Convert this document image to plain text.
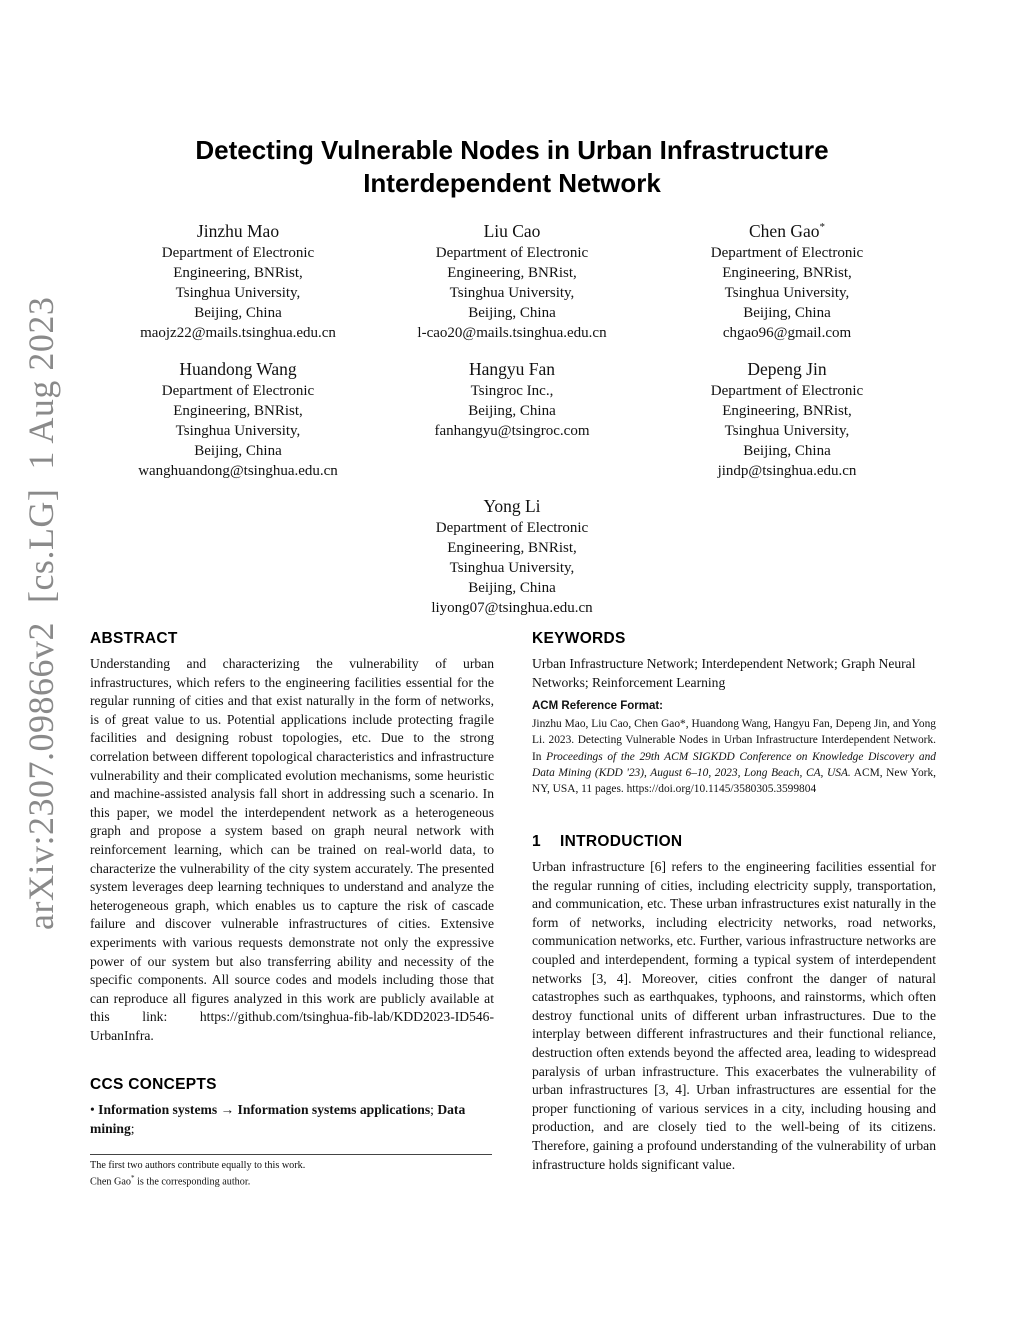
arXiv:2307.09866v2  [cs.LG]  1 Aug 2023
Detecting Vulnerable Nodes in Urban Infrastructure
Interdependent Network
Jinzhu Mao
Department of Electronic
Engineering, BNRist,
Tsinghua University,
Beijing, China
maojz22@mails.tsinghua.edu.cn
Liu Cao
Department of Electronic
Engineering, BNRist,
Tsinghua University,
Beijing, China
l-cao20@mails.tsinghua.edu.cn
Chen Gao*
Department of Electronic
Engineering, BNRist,
Tsinghua University,
Beijing, China
chgao96@gmail.com
Huandong Wang
Department of Electronic
Engineering, BNRist,
Tsinghua University,
Beijing, China
wanghuandong@tsinghua.edu.cn
Hangyu Fan
Tsingroc Inc.,
Beijing, China
fanhangyu@tsingroc.com
Depeng Jin
Department of Electronic
Engineering, BNRist,
Tsinghua University,
Beijing, China
jindp@tsinghua.edu.cn
Yong Li
Department of Electronic
Engineering, BNRist,
Tsinghua University,
Beijing, China
liyong07@tsinghua.edu.cn
ABSTRACT
Understanding and characterizing the vulnerability of urban infrastructures, which refers to the engineering facilities essential for the regular running of cities and that exist naturally in the form of networks, is of great value to us. Potential applications include protecting fragile facilities and designing robust topologies, etc. Due to the strong correlation between different topological characteristics and infrastructure vulnerability and their complicated evolution mechanisms, some heuristic and machine-assisted analysis fall short in addressing such a scenario. In this paper, we model the interdependent network as a heterogeneous graph and propose a system based on graph neural network with reinforcement learning, which can be trained on real-world data, to characterize the vulnerability of the city system accurately. The presented system leverages deep learning techniques to understand and analyze the heterogeneous graph, which enables us to capture the risk of cascade failure and discover vulnerable infrastructures of cities. Extensive experiments with various requests demonstrate not only the expressive power of our system but also transferring ability and necessity of the specific components. All source codes and models including those that can reproduce all figures analyzed in this work are publicly available at this link: https://github.com/tsinghua-fib-lab/KDD2023-ID546-UrbanInfra.
CCS CONCEPTS
• Information systems → Information systems applications; Data mining;
The first two authors contribute equally to this work.
Chen Gao* is the corresponding author.
KEYWORDS
Urban Infrastructure Network; Interdependent Network; Graph Neural Networks; Reinforcement Learning
ACM Reference Format:
Jinzhu Mao, Liu Cao, Chen Gao*, Huandong Wang, Hangyu Fan, Depeng Jin, and Yong Li. 2023. Detecting Vulnerable Nodes in Urban Infrastructure Interdependent Network. In Proceedings of the 29th ACM SIGKDD Conference on Knowledge Discovery and Data Mining (KDD '23), August 6–10, 2023, Long Beach, CA, USA. ACM, New York, NY, USA, 11 pages. https://doi.org/10.1145/3580305.3599804
1 INTRODUCTION
Urban infrastructure [6] refers to the engineering facilities essential for the regular running of cities, including electricity supply, transportation, and communication, etc. These urban infrastructures exist naturally in the form of networks, including electricity networks, road networks, communication networks, etc. Further, various infrastructure networks are coupled and interdependent, forming a typical system of interdependent networks [3, 4]. Moreover, cities confront the danger of natural catastrophes such as earthquakes, typhoons, and rainstorms, which often destroy functional units of different urban infrastructures. Due to the interplay between different infrastructures and their functional reliance, destruction often extends beyond the affected area, leading to widespread paralysis of urban infrastructure. This exacerbates the vulnerability of urban infrastructures [3, 4]. Urban infrastructures are essential for the proper functioning of various services in a city, including housing and production, and are closely tied to the well-being of its citizens. Therefore, gaining a profound understanding of the vulnerability of urban infrastructure holds significant value.
